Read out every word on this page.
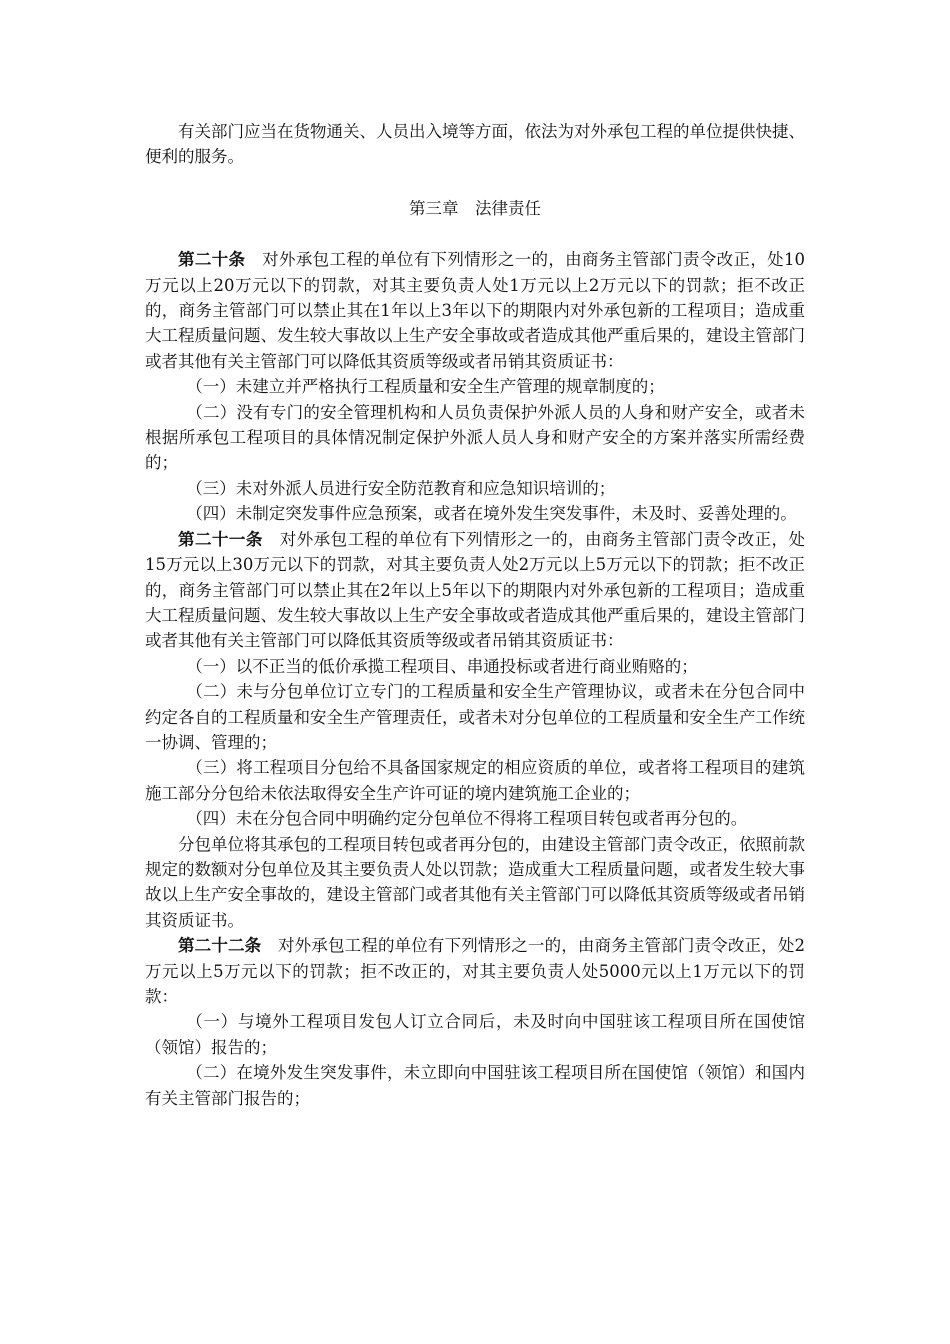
有关部门应当在货物通关、人员出入境等方面，依法为对外承包工程的单位提供快捷、便利的服务。

第三章　法律责任

第二十条　对外承包工程的单位有下列情形之一的，由商务主管部门责令改正，处10万元以上20万元以下的罚款，对其主要负责人处1万元以上2万元以下的罚款；拒不改正的，商务主管部门可以禁止其在1年以上3年以下的期限内对外承包新的工程项目；造成重大工程质量问题、发生较大事故以上生产安全事故或者造成其他严重后果的，建设主管部门或者其他有关主管部门可以降低其资质等级或者吊销其资质证书：

（一）未建立并严格执行工程质量和安全生产管理的规章制度的；

（二）没有专门的安全管理机构和人员负责保护外派人员的人身和财产安全，或者未根据所承包工程项目的具体情况制定保护外派人员人身和财产安全的方案并落实所需经费的；

（三）未对外派人员进行安全防范教育和应急知识培训的；

（四）未制定突发事件应急预案，或者在境外发生突发事件，未及时、妥善处理的。

第二十一条　对外承包工程的单位有下列情形之一的，由商务主管部门责令改正，处15万元以上30万元以下的罚款，对其主要负责人处2万元以上5万元以下的罚款；拒不改正的，商务主管部门可以禁止其在2年以上5年以下的期限内对外承包新的工程项目；造成重大工程质量问题、发生较大事故以上生产安全事故或者造成其他严重后果的，建设主管部门或者其他有关主管部门可以降低其资质等级或者吊销其资质证书：

（一）以不正当的低价承揽工程项目、串通投标或者进行商业贿赂的；

（二）未与分包单位订立专门的工程质量和安全生产管理协议，或者未在分包合同中约定各自的工程质量和安全生产管理责任，或者未对分包单位的工程质量和安全生产工作统一协调、管理的；

（三）将工程项目分包给不具备国家规定的相应资质的单位，或者将工程项目的建筑施工部分分包给未依法取得安全生产许可证的境内建筑施工企业的；

（四）未在分包合同中明确约定分包单位不得将工程项目转包或者再分包的。

分包单位将其承包的工程项目转包或者再分包的，由建设主管部门责令改正，依照前款规定的数额对分包单位及其主要负责人处以罚款；造成重大工程质量问题，或者发生较大事故以上生产安全事故的，建设主管部门或者其他有关主管部门可以降低其资质等级或者吊销其资质证书。

第二十二条　对外承包工程的单位有下列情形之一的，由商务主管部门责令改正，处2万元以上5万元以下的罚款；拒不改正的，对其主要负责人处5000元以上1万元以下的罚款：

（一）与境外工程项目发包人订立合同后，未及时向中国驻该工程项目所在国使馆（领馆）报告的；

（二）在境外发生突发事件，未立即向中国驻该工程项目所在国使馆（领馆）和国内有关主管部门报告的；
